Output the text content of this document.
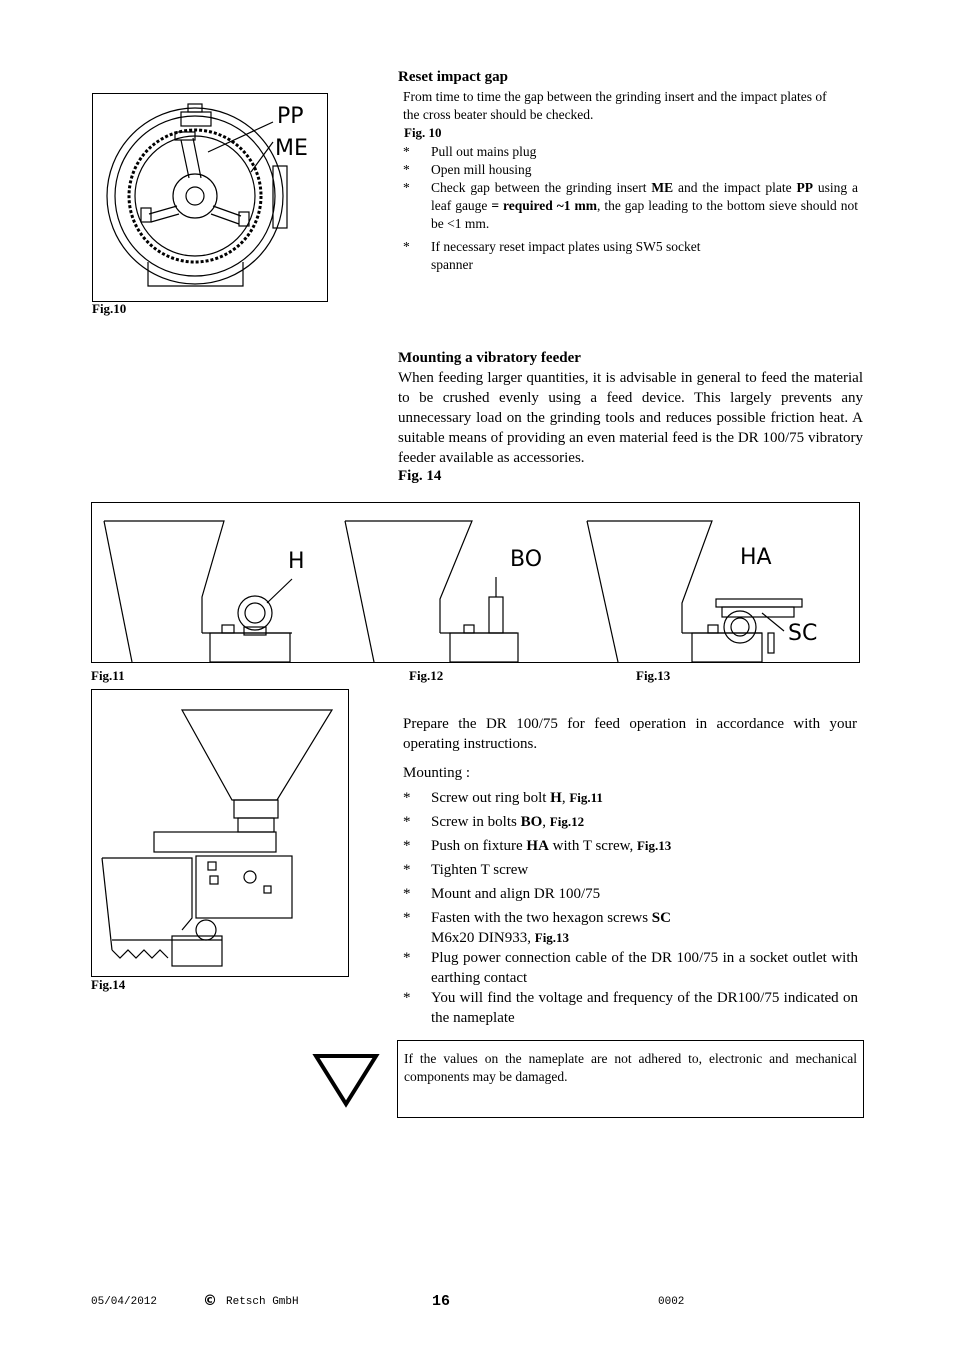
PP
ME
Fig.10
Reset impact gap
From time to time the gap between the grinding insert and the impact plates of the cross beater should be checked.
Fig. 10
* Pull out mains plug
* Open mill housing
* Check gap between the grinding insert ME and the impact plate PP using a leaf gauge = required ~1 mm, the gap leading to the bottom sieve should not be <1 mm.
* If necessary reset impact plates using SW5 socket spanner
Mounting a vibratory feeder
When feeding larger quantities, it is advisable in general to feed the material to be crushed evenly using a feed device. This largely prevents any unnecessary load on the grinding tools and reduces possible friction heat. A suitable means of providing an even material feed is the DR 100/75 vibratory feeder available as accessories.
Fig. 14
H	BO	HA
SC
Fig.11	Fig.12	Fig.13
Fig.14
Prepare the DR 100/75 for feed operation in accordance with your operating instructions.
Mounting :
* Screw out ring bolt H, Fig.11
* Screw in bolts BO, Fig.12
* Push on fixture HA with T screw, Fig.13
* Tighten T screw
* Mount and align DR 100/75
* Fasten with the two hexagon screws SC
M6x20 DIN933, Fig.13
* Plug power connection cable of the DR 100/75 in a socket outlet with earthing contact
* You will find the voltage and frequency of the DR100/75 indicated on the nameplate
If the values on the nameplate are not adhered to, electronic and mechanical components may be damaged.
05/04/2012	© Retsch GmbH	16	0002
